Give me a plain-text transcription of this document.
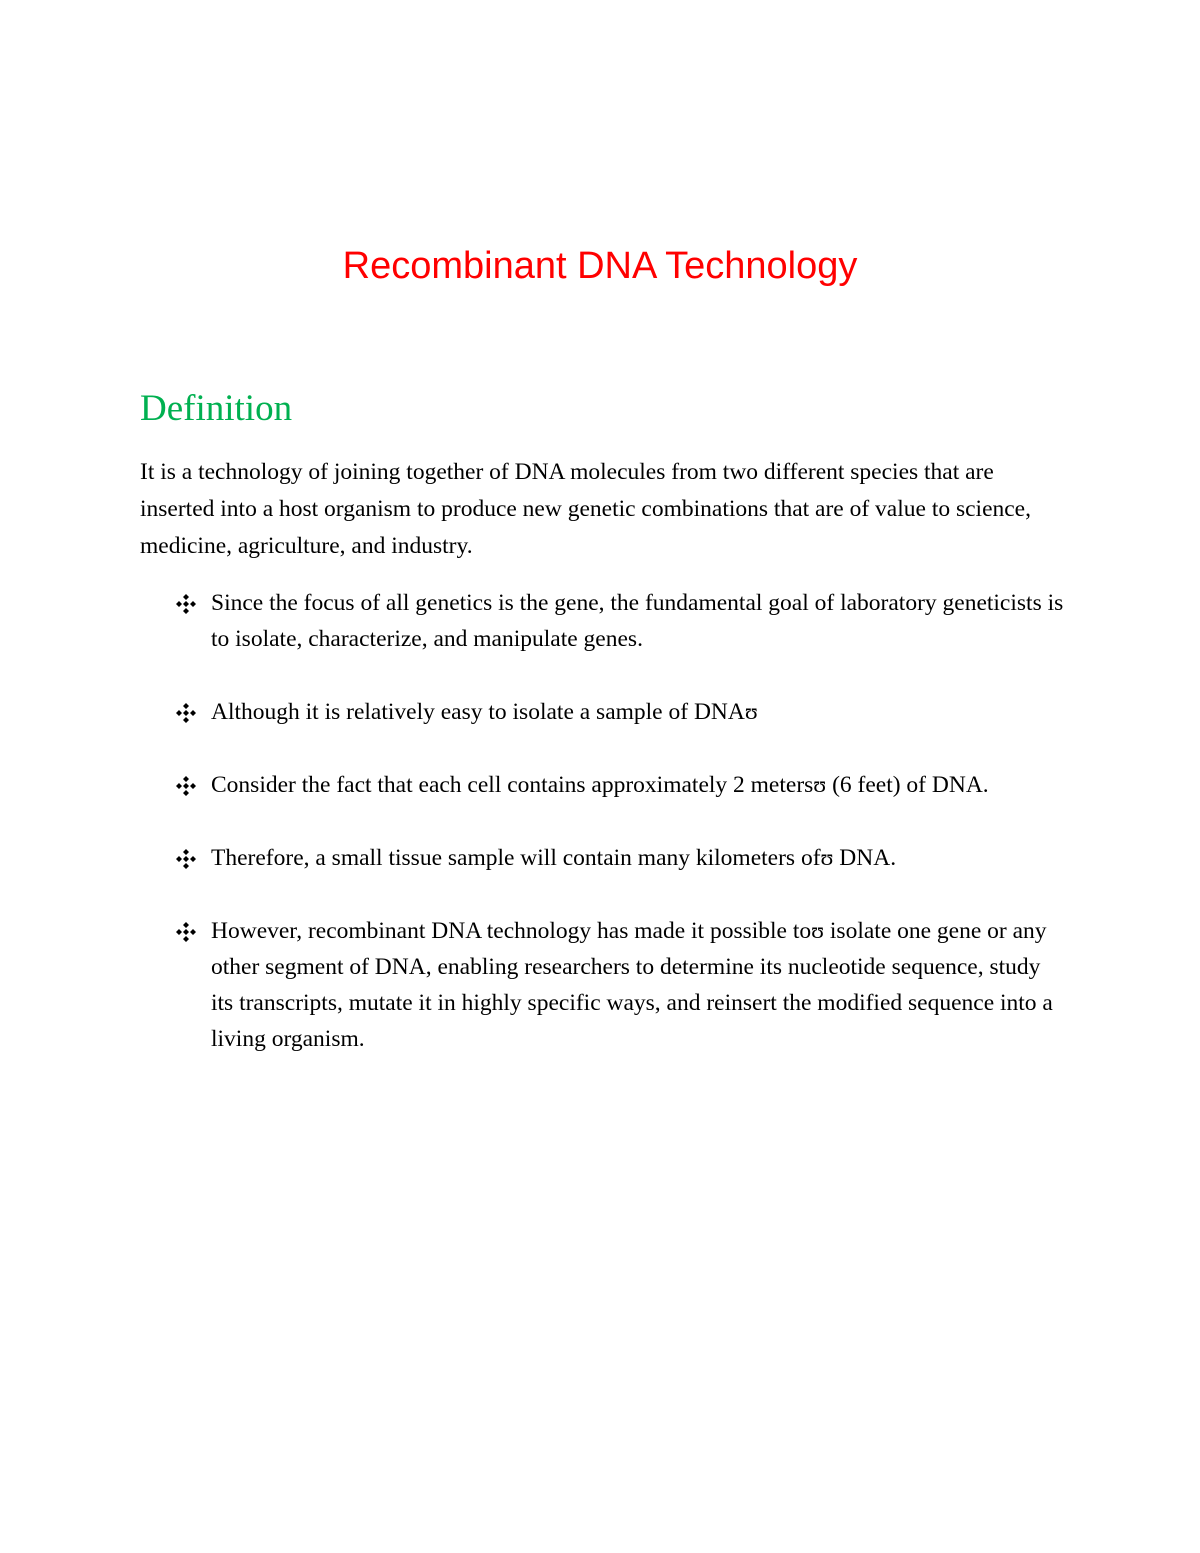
Recombinant DNA Technology
Definition

It is a technology of joining together of DNA molecules from two different species that are inserted into a host organism to produce new genetic combinations that are of value to science, medicine, agriculture, and industry.

Since the focus of all genetics is the gene, the fundamental goal of laboratory geneticists is to isolate, characterize, and manipulate genes.
Although it is relatively easy to isolate a sample of DNAʊ
Consider the fact that each cell contains approximately 2 metersʊ (6 feet) of DNA.
Therefore, a small tissue sample will contain many kilometers ofʊ DNA.
However, recombinant DNA technology has made it possible toʊ isolate one gene or any other segment of DNA, enabling researchers to determine its nucleotide sequence, study its transcripts, mutate it in highly specific ways, and reinsert the modified sequence into a living organism.
